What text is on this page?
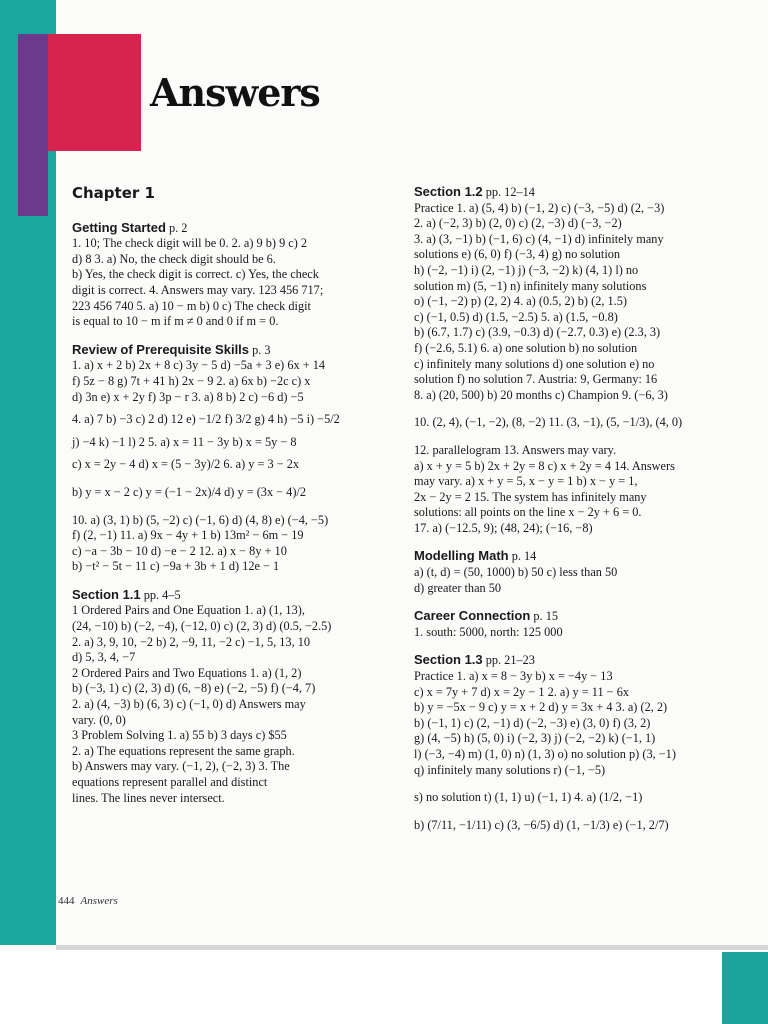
Answers
Chapter 1

Getting Started p. 2

1. 10; The check digit will be 0. 2. a) 9 b) 9 c) 2

d) 8 3. a) No, the check digit should be 6.

b) Yes, the check digit is correct. c) Yes, the check

digit is correct. 4. Answers may vary. 123 456 717;

223 456 740 5. a) 10 − m b) 0 c) The check digit

is equal to 10 − m if m ≠ 0 and 0 if m = 0.

Review of Prerequisite Skills p. 3

1. a) x + 2 b) 2x + 8 c) 3y − 5 d) −5a + 3 e) 6x + 14

f) 5z − 8 g) 7t + 41 h) 2x − 9 2. a) 6x b) −2c c) x

d) 3n e) x + 2y f) 3p − r 3. a) 8 b) 2 c) −6 d) −5

4. a) 7 b) −3 c) 2 d) 12 e) −1/2 f) 3/2 g) 4 h) −5 i) −5/2

j) −4 k) −1 l) 2 5. a) x = 11 − 3y b) x = 5y − 8

c) x = 2y − 4 d) x = (5 − 3y)/2 6. a) y = 3 − 2x

b) y = x − 2 c) y = (−1 − 2x)/4 d) y = (3x − 4)/2

10. a) (3, 1) b) (5, −2) c) (−1, 6) d) (4, 8) e) (−4, −5)

f) (2, −1) 11. a) 9x − 4y + 1 b) 13m² − 6m − 19

c) −a − 3b − 10 d) −e − 2 12. a) x − 8y + 10

b) −t² − 5t − 11 c) −9a + 3b + 1 d) 12e − 1

Section 1.1 pp. 4–5

1 Ordered Pairs and One Equation 1. a) (1, 13),

(24, −10) b) (−2, −4), (−12, 0) c) (2, 3) d) (0.5, −2.5)

2. a) 3, 9, 10, −2 b) 2, −9, 11, −2 c) −1, 5, 13, 10

d) 5, 3, 4, −7

2 Ordered Pairs and Two Equations 1. a) (1, 2)

b) (−3, 1) c) (2, 3) d) (6, −8) e) (−2, −5) f) (−4, 7)

2. a) (4, −3) b) (6, 3) c) (−1, 0) d) Answers may

vary. (0, 0)

3 Problem Solving 1. a) 55 b) 3 days c) $55

2. a) The equations represent the same graph.

b) Answers may vary. (−1, 2), (−2, 3) 3. The

equations represent parallel and distinct

lines. The lines never intersect.

Section 1.2 pp. 12–14

Practice 1. a) (5, 4) b) (−1, 2) c) (−3, −5) d) (2, −3)

2. a) (−2, 3) b) (2, 0) c) (2, −3) d) (−3, −2)

3. a) (3, −1) b) (−1, 6) c) (4, −1) d) infinitely many

solutions e) (6, 0) f) (−3, 4) g) no solution

h) (−2, −1) i) (2, −1) j) (−3, −2) k) (4, 1) l) no

solution m) (5, −1) n) infinitely many solutions

o) (−1, −2) p) (2, 2) 4. a) (0.5, 2) b) (2, 1.5)

c) (−1, 0.5) d) (1.5, −2.5) 5. a) (1.5, −0.8)

b) (6.7, 1.7) c) (3.9, −0.3) d) (−2.7, 0.3) e) (2.3, 3)

f) (−2.6, 5.1) 6. a) one solution b) no solution

c) infinitely many solutions d) one solution e) no

solution f) no solution 7. Austria: 9, Germany: 16

8. a) (20, 500) b) 20 months c) Champion 9. (−6, 3)

10. (2, 4), (−1, −2), (8, −2) 11. (3, −1), (5, −1/3), (4, 0)

12. parallelogram 13. Answers may vary.

a) x + y = 5 b) 2x + 2y = 8 c) x + 2y = 4 14. Answers

may vary. a) x + y = 5, x − y = 1 b) x − y = 1,

2x − 2y = 2 15. The system has infinitely many

solutions: all points on the line x − 2y + 6 = 0.

17. a) (−12.5, 9); (48, 24); (−16, −8)

Modelling Math p. 14

a) (t, d) = (50, 1000) b) 50 c) less than 50

d) greater than 50

Career Connection p. 15

1. south: 5000, north: 125 000

Section 1.3 pp. 21–23

Practice 1. a) x = 8 − 3y b) x = −4y − 13

c) x = 7y + 7 d) x = 2y − 1 2. a) y = 11 − 6x

b) y = −5x − 9 c) y = x + 2 d) y = 3x + 4 3. a) (2, 2)

b) (−1, 1) c) (2, −1) d) (−2, −3) e) (3, 0) f) (3, 2)

g) (4, −5) h) (5, 0) i) (−2, 3) j) (−2, −2) k) (−1, 1)

l) (−3, −4) m) (1, 0) n) (1, 3) o) no solution p) (3, −1)

q) infinitely many solutions r) (−1, −5)

s) no solution t) (1, 1) u) (−1, 1) 4. a) (1/2, −1)

b) (7/11, −1/11) c) (3, −6/5) d) (1, −1/3) e) (−1, 2/7)

444 Answers
